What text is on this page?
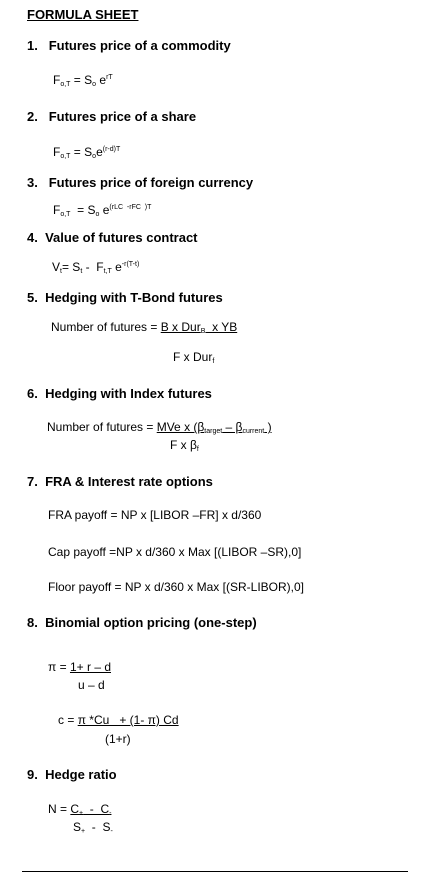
FORMULA SHEET
1. Futures price of a commodity
2. Futures price of a share
3. Futures price of foreign currency
4. Value of futures contract
5. Hedging with T-Bond futures
6. Hedging with Index futures
7. FRA & Interest rate options
8. Binomial option pricing (one-step)
9. Hedge ratio
$F_{o,T} = S_o$ $e^{rT}$
$F_{o,T} = S_oe^{(r-d)T}$
$F_{o,T} = S_o$ $e^{(rLC -rFC )T}$
$V_t= S_t - F_{t,T}$ $e^{-r(T-t)}$
Number of futures = B x Dur$_B$  x YB
F x Dur$_f$
Number of futures = MVe x ($\beta_{target} - \beta_{current}$ )
F x $\beta_f$
FRA payoff = NP x [LIBOR –FR] x d/360
Cap payoff =NP x d/360 x Max [(LIBOR –SR),0]
Floor payoff = NP x d/360 x Max [(SR-LIBOR),0]
π = 1+ r – d
u – d
c = π *Cu   + (1- π) Cd
(1+r)
$N = C_+ - C_-$
$S_+ - S_-$
